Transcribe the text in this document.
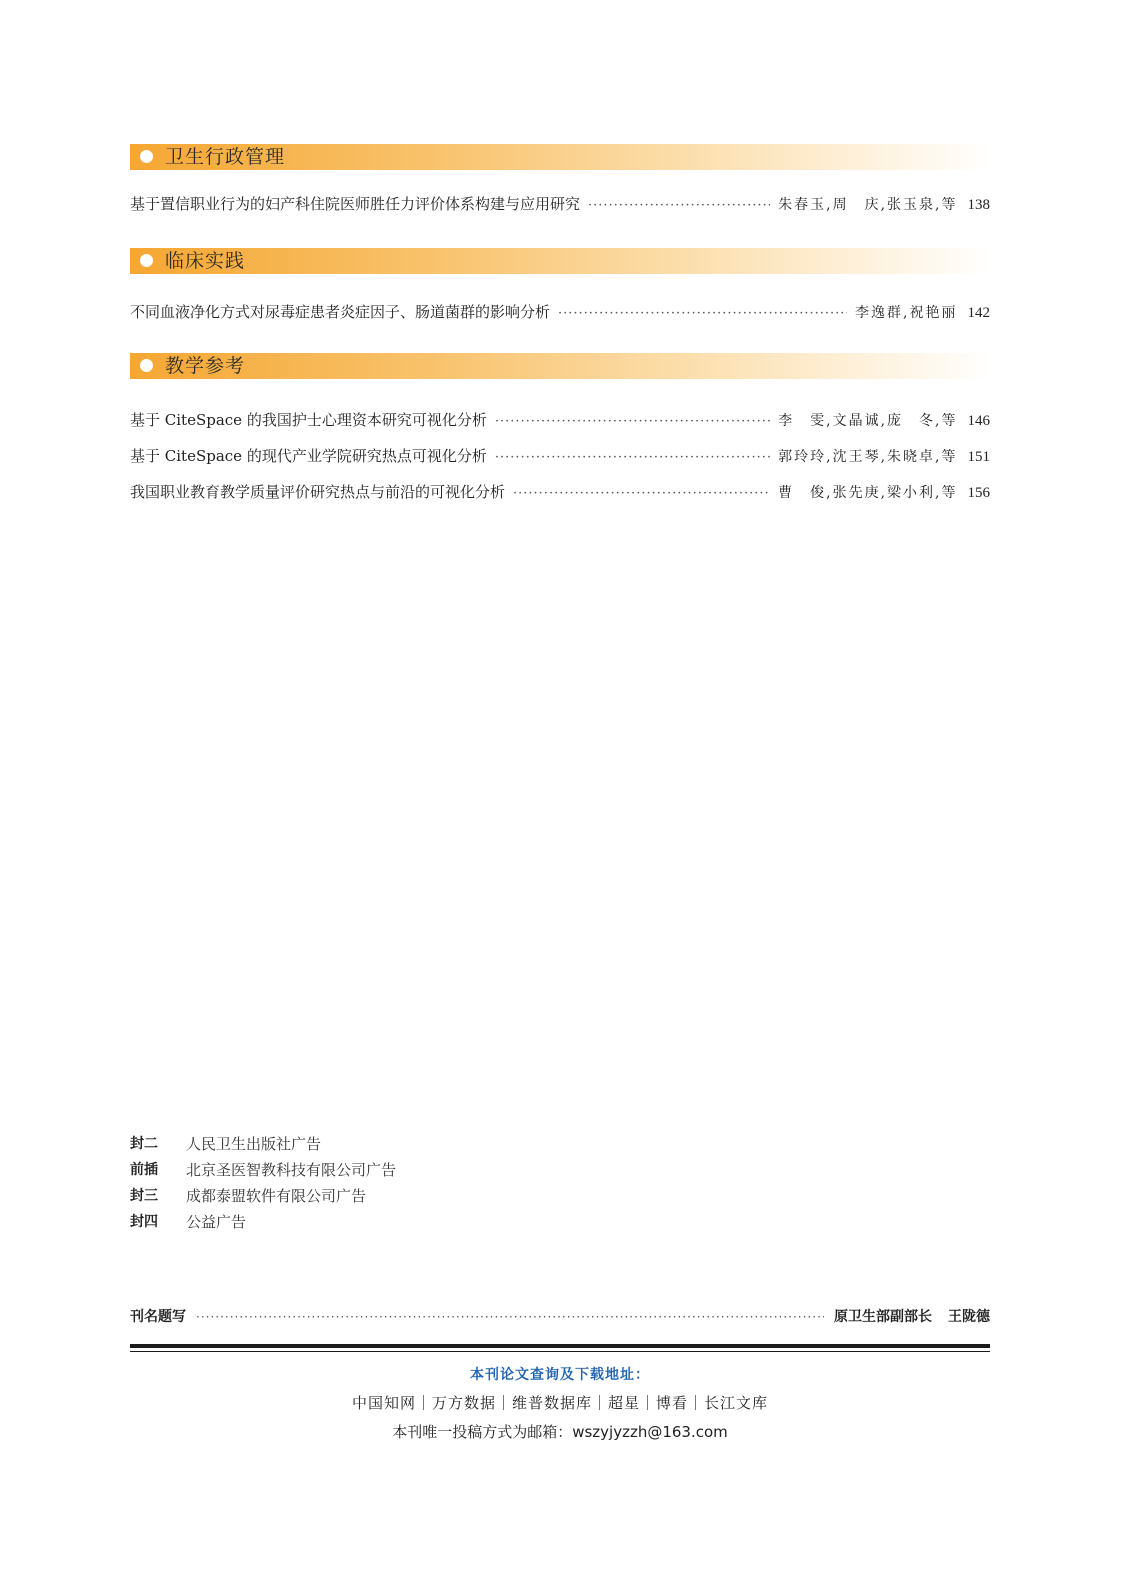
卫生行政管理
基于置信职业行为的妇产科住院医师胜任力评价体系构建与应用研究 ·····	朱春玉,周　庆,张玉泉,等 138
临床实践
不同血液净化方式对尿毒症患者炎症因子、肠道菌群的影响分析 ·····	李逸群,祝艳丽 142
教学参考
基于 CiteSpace 的我国护士心理资本研究可视化分析 ·····	李　雯,文晶诚,庞　冬,等 146
基于 CiteSpace 的现代产业学院研究热点可视化分析 ·····	郭玲玲,沈王琴,朱晓卓,等 151
我国职业教育教学质量评价研究热点与前沿的可视化分析 ·····	曹　俊,张先庚,梁小利,等 156
封二	人民卫生出版社广告
前插	北京圣医智教科技有限公司广告
封三	成都泰盟软件有限公司广告
封四	公益广告
刊名题写 ·····	原卫生部副部长 王陇德
本刊论文查询及下载地址：
中国知网｜万方数据｜维普数据库｜超星｜博看｜长江文库
本刊唯一投稿方式为邮箱：wszyjyzzh@163.com
